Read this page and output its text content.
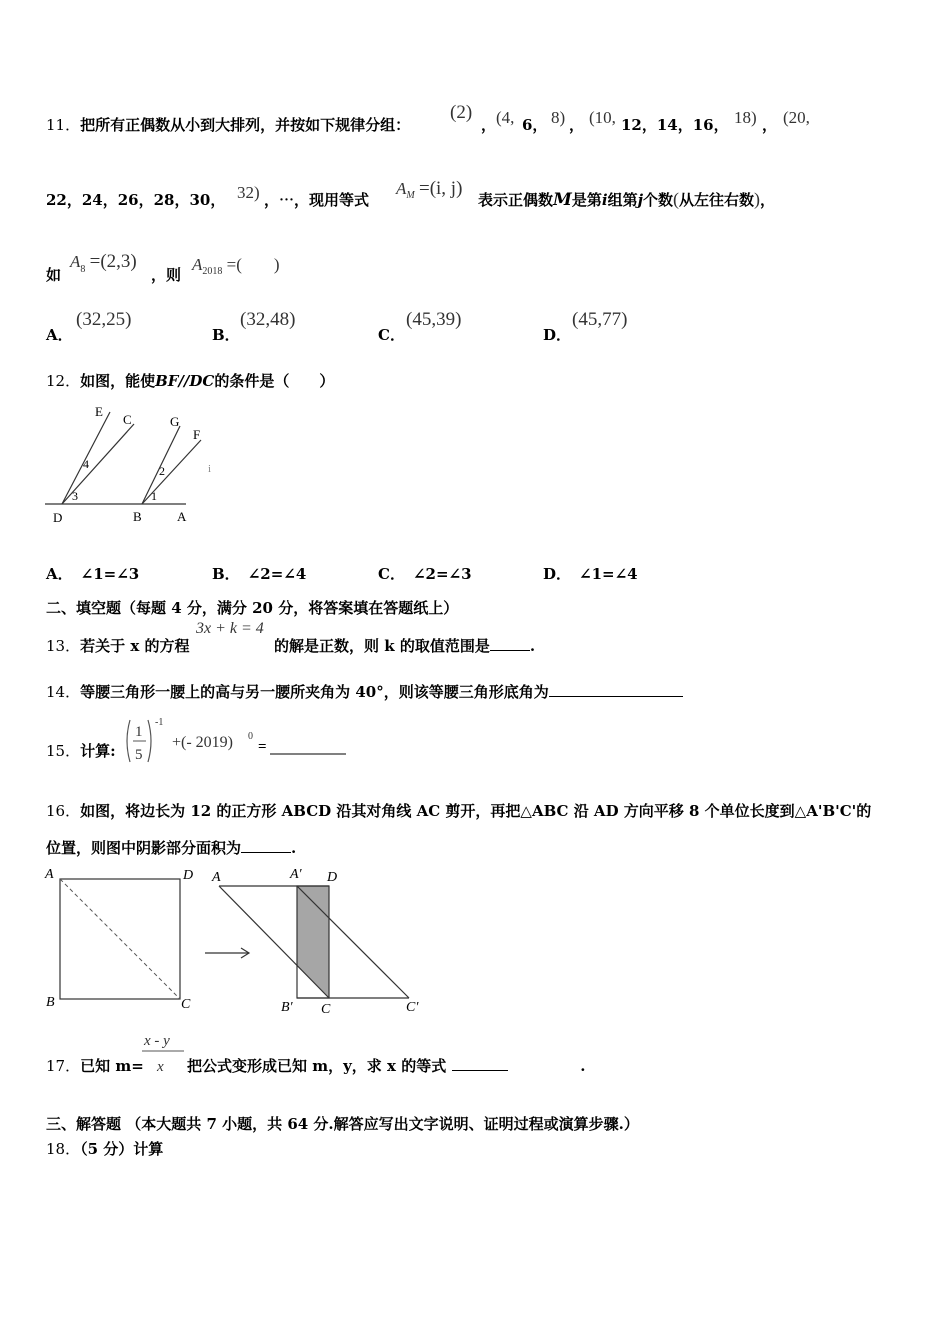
11．把所有正偶数从小到大排列，并按如下规律分组：
(2)
， (4, 6， 8) ， (10, 12，14，16， 18) ， (20,
22，24，26，28，30， 32) ，⋯，现用等式
$A_M =(i$, j)
表示正偶数M是第i组第j个数(从左往右数)，
如
$A_8 =(2,3)$
，则
$A_{2018}$ =( )
A．
(32,25)
B．
(32,48)
C．
(45,39)
D．
(45,77)
12．如图，能使BF//DC的条件是（　　）
E
C	G
F
D	B	A
4
3
2
1
i
A． ∠1=∠3	B． ∠2=∠4	C． ∠2=∠3	D． ∠1=∠4
二、填空题（每题 4 分，满分 20 分，将答案填在答题纸上）
13．若关于 x 的方程
3x + k = 4
的解是正数，则 k 的取值范围是	.
14．等腰三角形一腰上的高与另一腰所夹角为 40°，则该等腰三角形底角为
15．计算:
1
5
-1
+(- 2019) 0
=
16．如图，将边长为 12 的正方形 ABCD 沿其对角线 AC 剪开，再把△ABC 沿 AD 方向平移 8 个单位长度到△A'B'C'的
位置，则图中阴影部分面积为	.
A	D
B	C
A	A′ D
B′ C	C′
17．已知 m=
x - y
x 把公式变形成已知 m，y，求 x 的等式	.
三、解答题 （本大题共 7 小题，共 64 分.解答应写出文字说明、证明过程或演算步骤.）
18．（5 分）计算
